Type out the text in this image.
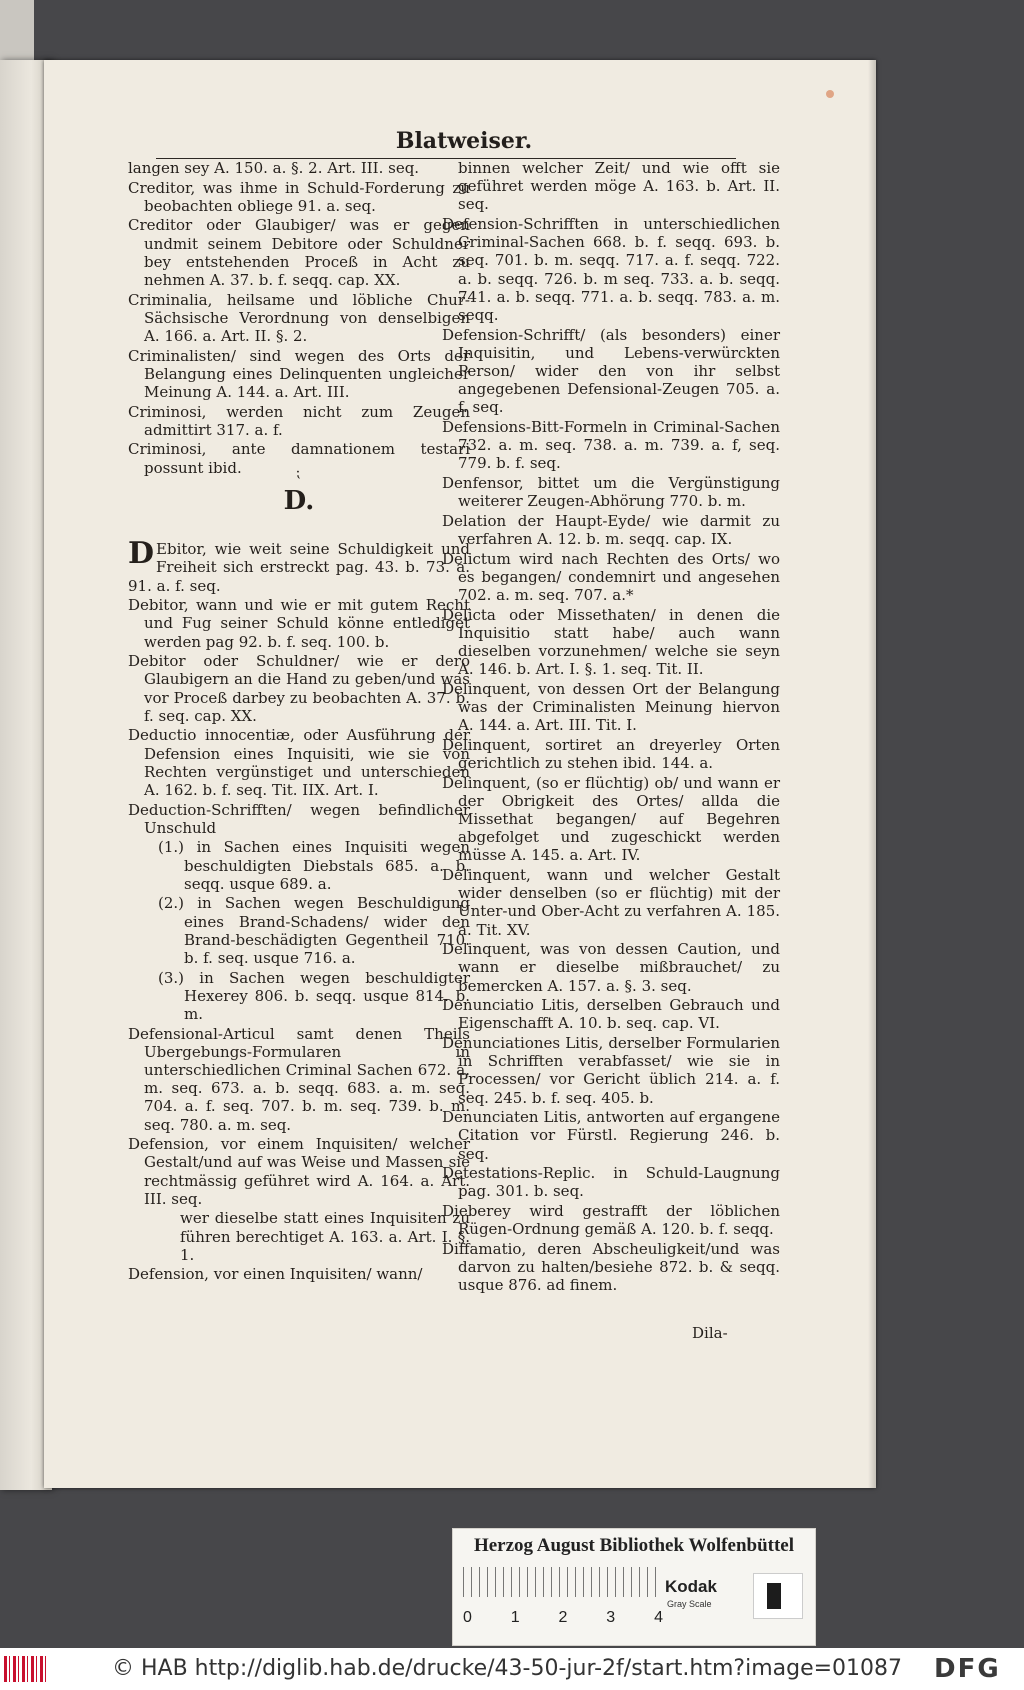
Blatweiser.

langen sey A. 150. a. §. 2. Art. III. seq.

Creditor, was ihme in Schuld-Forderung zu beobachten obliege 91. a. seq.

Creditor oder Glaubiger/ was er gegen undmit seinem Debitore oder Schuldner bey entstehenden Proceß in Acht zu nehmen A. 37. b. f. seqq. cap. XX.

Criminalia, heilsame und löbliche Chur-Sächsische Verordnung von denselbigen A. 166. a. Art. II. §. 2.

Criminalisten/ sind wegen des Orts der Belangung eines Delinquenten ungleicher Meinung A. 144. a. Art. III.

Criminosi, werden nicht zum Zeugen admittirt 317. a. f.

Criminosi, ante damnationem testari possunt ibid.	⁏
D.

D Ebitor, wie weit seine Schuldigkeit und Freiheit sich erstreckt pag. 43. b. 73. a. 91. a. f. seq.

Debitor, wann und wie er mit gutem Recht und Fug seiner Schuld könne entlediget werden pag 92. b. f. seq. 100. b.

Debitor oder Schuldner/ wie er dero Glaubigern an die Hand zu geben/und was vor Proceß darbey zu beobachten A. 37. b. f. seq. cap. XX.

Deductio innocentiæ, oder Ausführung der Defension eines Inquisiti, wie sie von Rechten vergünstiget und unterschieden A. 162. b. f. seq. Tit. IIX. Art. I.

Deduction-Schrifften/ wegen befindlicher Unschuld

(1.) in Sachen eines Inquisiti wegen beschuldigten Diebstals 685. a. b. seqq. usque 689. a.

(2.) in Sachen wegen Beschuldigung eines Brand-Schadens/ wider den Brand-beschädigten Gegentheil 710. b. f. seq. usque 716. a.

(3.) in Sachen wegen beschuldigter Hexerey 806. b. seqq. usque 814. b. m.

Defensional-Articul samt denen Theils Ubergebungs-Formularen in unterschiedlichen Criminal Sachen 672. a. m. seq. 673. a. b. seqq. 683. a. m. seq. 704. a. f. seq. 707. b. m. seq. 739. b. m. seq. 780. a. m. seq.

Defension, vor einem Inquisiten/ welcher Gestalt/und auf was Weise und Massen sie rechtmässig geführet wird A. 164. a. Art. III. seq.

wer dieselbe statt eines Inquisiten zu führen berechtiget A. 163. a. Art. I. §. 1.

Defension, vor einen Inquisiten/ wann/

binnen welcher Zeit/ und wie offt sie geführet werden möge A. 163. b. Art. II. seq.

Defension-Schrifften in unterschiedlichen Criminal-Sachen 668. b. f. seqq. 693. b. seq. 701. b. m. seqq. 717. a. f. seqq. 722. a. b. seqq. 726. b. m seq. 733. a. b. seqq. 741. a. b. seqq. 771. a. b. seqq. 783. a. m. seqq.

Defension-Schrifft/ (als besonders) einer Inquisitin, und Lebens-verwürckten Person/ wider den von ihr selbst angegebenen Defensional-Zeugen 705. a. f. seq.

Defensions-Bitt-Formeln in Criminal-Sachen 732. a. m. seq. 738. a. m. 739. a. f, seq. 779. b. f. seq.

Denfensor, bittet um die Vergünstigung weiterer Zeugen-Abhörung 770. b. m.

Delation der Haupt-Eyde/ wie darmit zu verfahren A. 12. b. m. seqq. cap. IX.

Delictum wird nach Rechten des Orts/ wo es begangen/ condemnirt und angesehen 702. a. m. seq. 707. a.*

Delicta oder Missethaten/ in denen die Inquisitio statt habe/ auch wann dieselben vorzunehmen/ welche sie seyn A. 146. b. Art. I. §. 1. seq. Tit. II.

Delinquent, von dessen Ort der Belangung was der Criminalisten Meinung hiervon A. 144. a. Art. III. Tit. I.

Delinquent, sortiret an dreyerley Orten gerichtlich zu stehen ibid. 144. a.

Delinquent, (so er flüchtig) ob/ und wann er der Obrigkeit des Ortes/ allda die Missethat begangen/ auf Begehren abgefolget und zugeschickt werden müsse A. 145. a. Art. IV.

Delinquent, wann und welcher Gestalt wider denselben (so er flüchtig) mit der Unter-und Ober-Acht zu verfahren A. 185. a. Tit. XV.

Delinquent, was von dessen Caution, und wann er dieselbe mißbrauchet/ zu bemercken A. 157. a. §. 3. seq.

Denunciatio Litis, derselben Gebrauch und Eigenschafft A. 10. b. seq. cap. VI.

Denunciationes Litis, derselber Formularien in Schrifften verabfasset/ wie sie in Processen/ vor Gericht üblich 214. a. f. seq. 245. b. f. seq. 405. b.

Denunciaten Litis, antworten auf ergangene Citation vor Fürstl. Regierung 246. b. seq.

Detestations-Replic. in Schuld-Laugnung pag. 301. b. seq.

Dieberey wird gestrafft der löblichen Rügen-Ordnung gemäß A. 120. b. f. seqq.

Diffamatio, deren Abscheuligkeit/und was darvon zu halten/besiehe 872. b. & seqq. usque 876. ad finem.

Dila-
Herzog August Bibliothek Wolfenbüttel
0 1 2 3 4
Kodak
Gray Scale
© HAB http://diglib.hab.de/drucke/43-50-jur-2f/start.htm?image=01087 DFG
